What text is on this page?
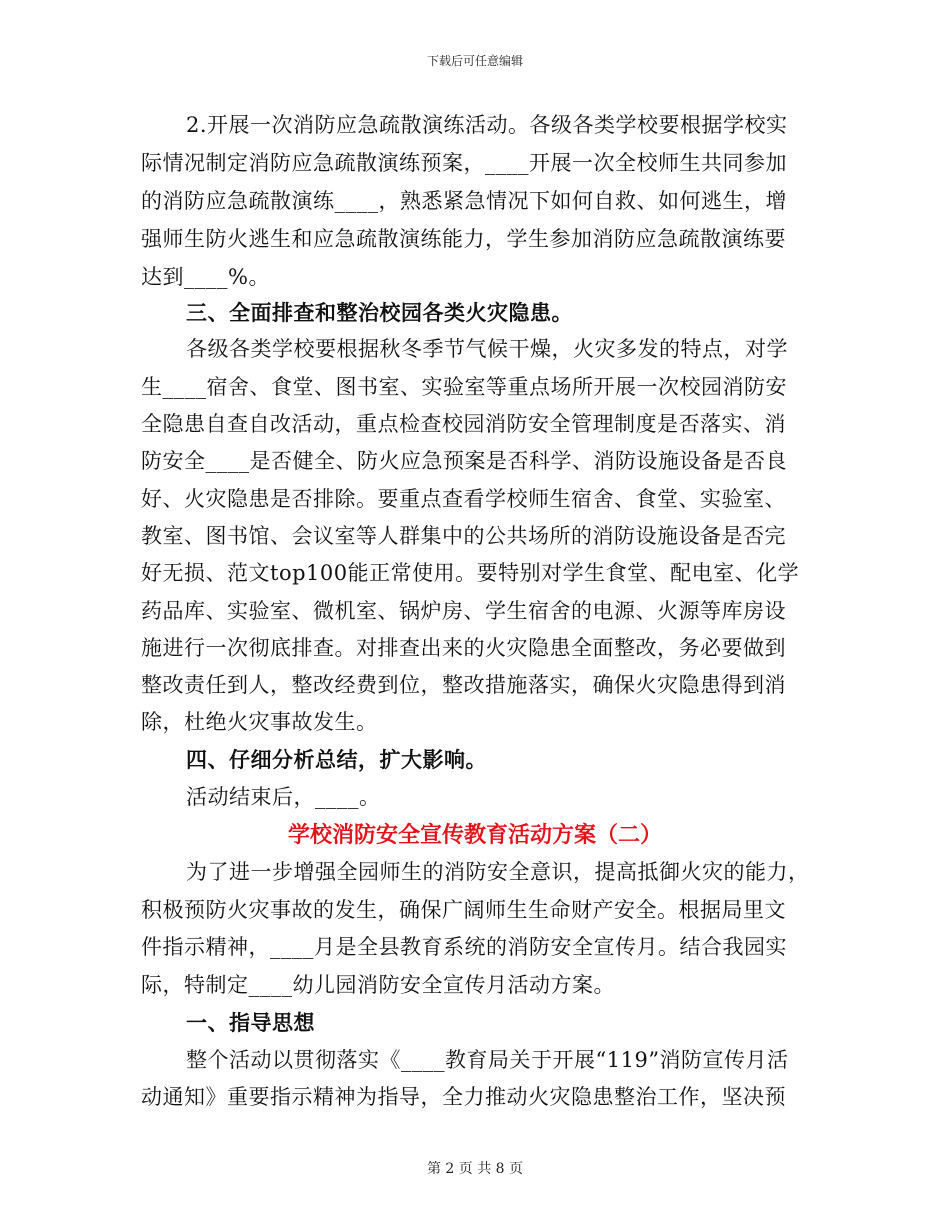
下载后可任意编辑
2.开展一次消防应急疏散演练活动。各级各类学校要根据学校实
际情况制定消防应急疏散演练预案，____开展一次全校师生共同参加
的消防应急疏散演练____，熟悉紧急情况下如何自救、如何逃生，增
强师生防火逃生和应急疏散演练能力，学生参加消防应急疏散演练要
达到____%。
三、全面排查和整治校园各类火灾隐患。
各级各类学校要根据秋冬季节气候干燥，火灾多发的特点，对学
生____宿舍、食堂、图书室、实验室等重点场所开展一次校园消防安
全隐患自查自改活动，重点检查校园消防安全管理制度是否落实、消
防安全____是否健全、防火应急预案是否科学、消防设施设备是否良
好、火灾隐患是否排除。要重点查看学校师生宿舍、食堂、实验室、
教室、图书馆、会议室等人群集中的公共场所的消防设施设备是否完
好无损、范文top100能正常使用。要特别对学生食堂、配电室、化学
药品库、实验室、微机室、锅炉房、学生宿舍的电源、火源等库房设
施进行一次彻底排查。对排查出来的火灾隐患全面整改，务必要做到
整改责任到人，整改经费到位，整改措施落实，确保火灾隐患得到消
除，杜绝火灾事故发生。
四、仔细分析总结，扩大影响。
活动结束后，____。
学校消防安全宣传教育活动方案（二）
为了进一步增强全园师生的消防安全意识，提高抵御火灾的能力，
积极预防火灾事故的发生，确保广阔师生生命财产安全。根据局里文
件指示精神，____月是全县教育系统的消防安全宣传月。结合我园实
际，特制定____幼儿园消防安全宣传月活动方案。
一、指导思想
整个活动以贯彻落实《____教育局关于开展“119”消防宣传月活
动通知》重要指示精神为指导，全力推动火灾隐患整治工作，坚决预
第 2 页 共 8 页
